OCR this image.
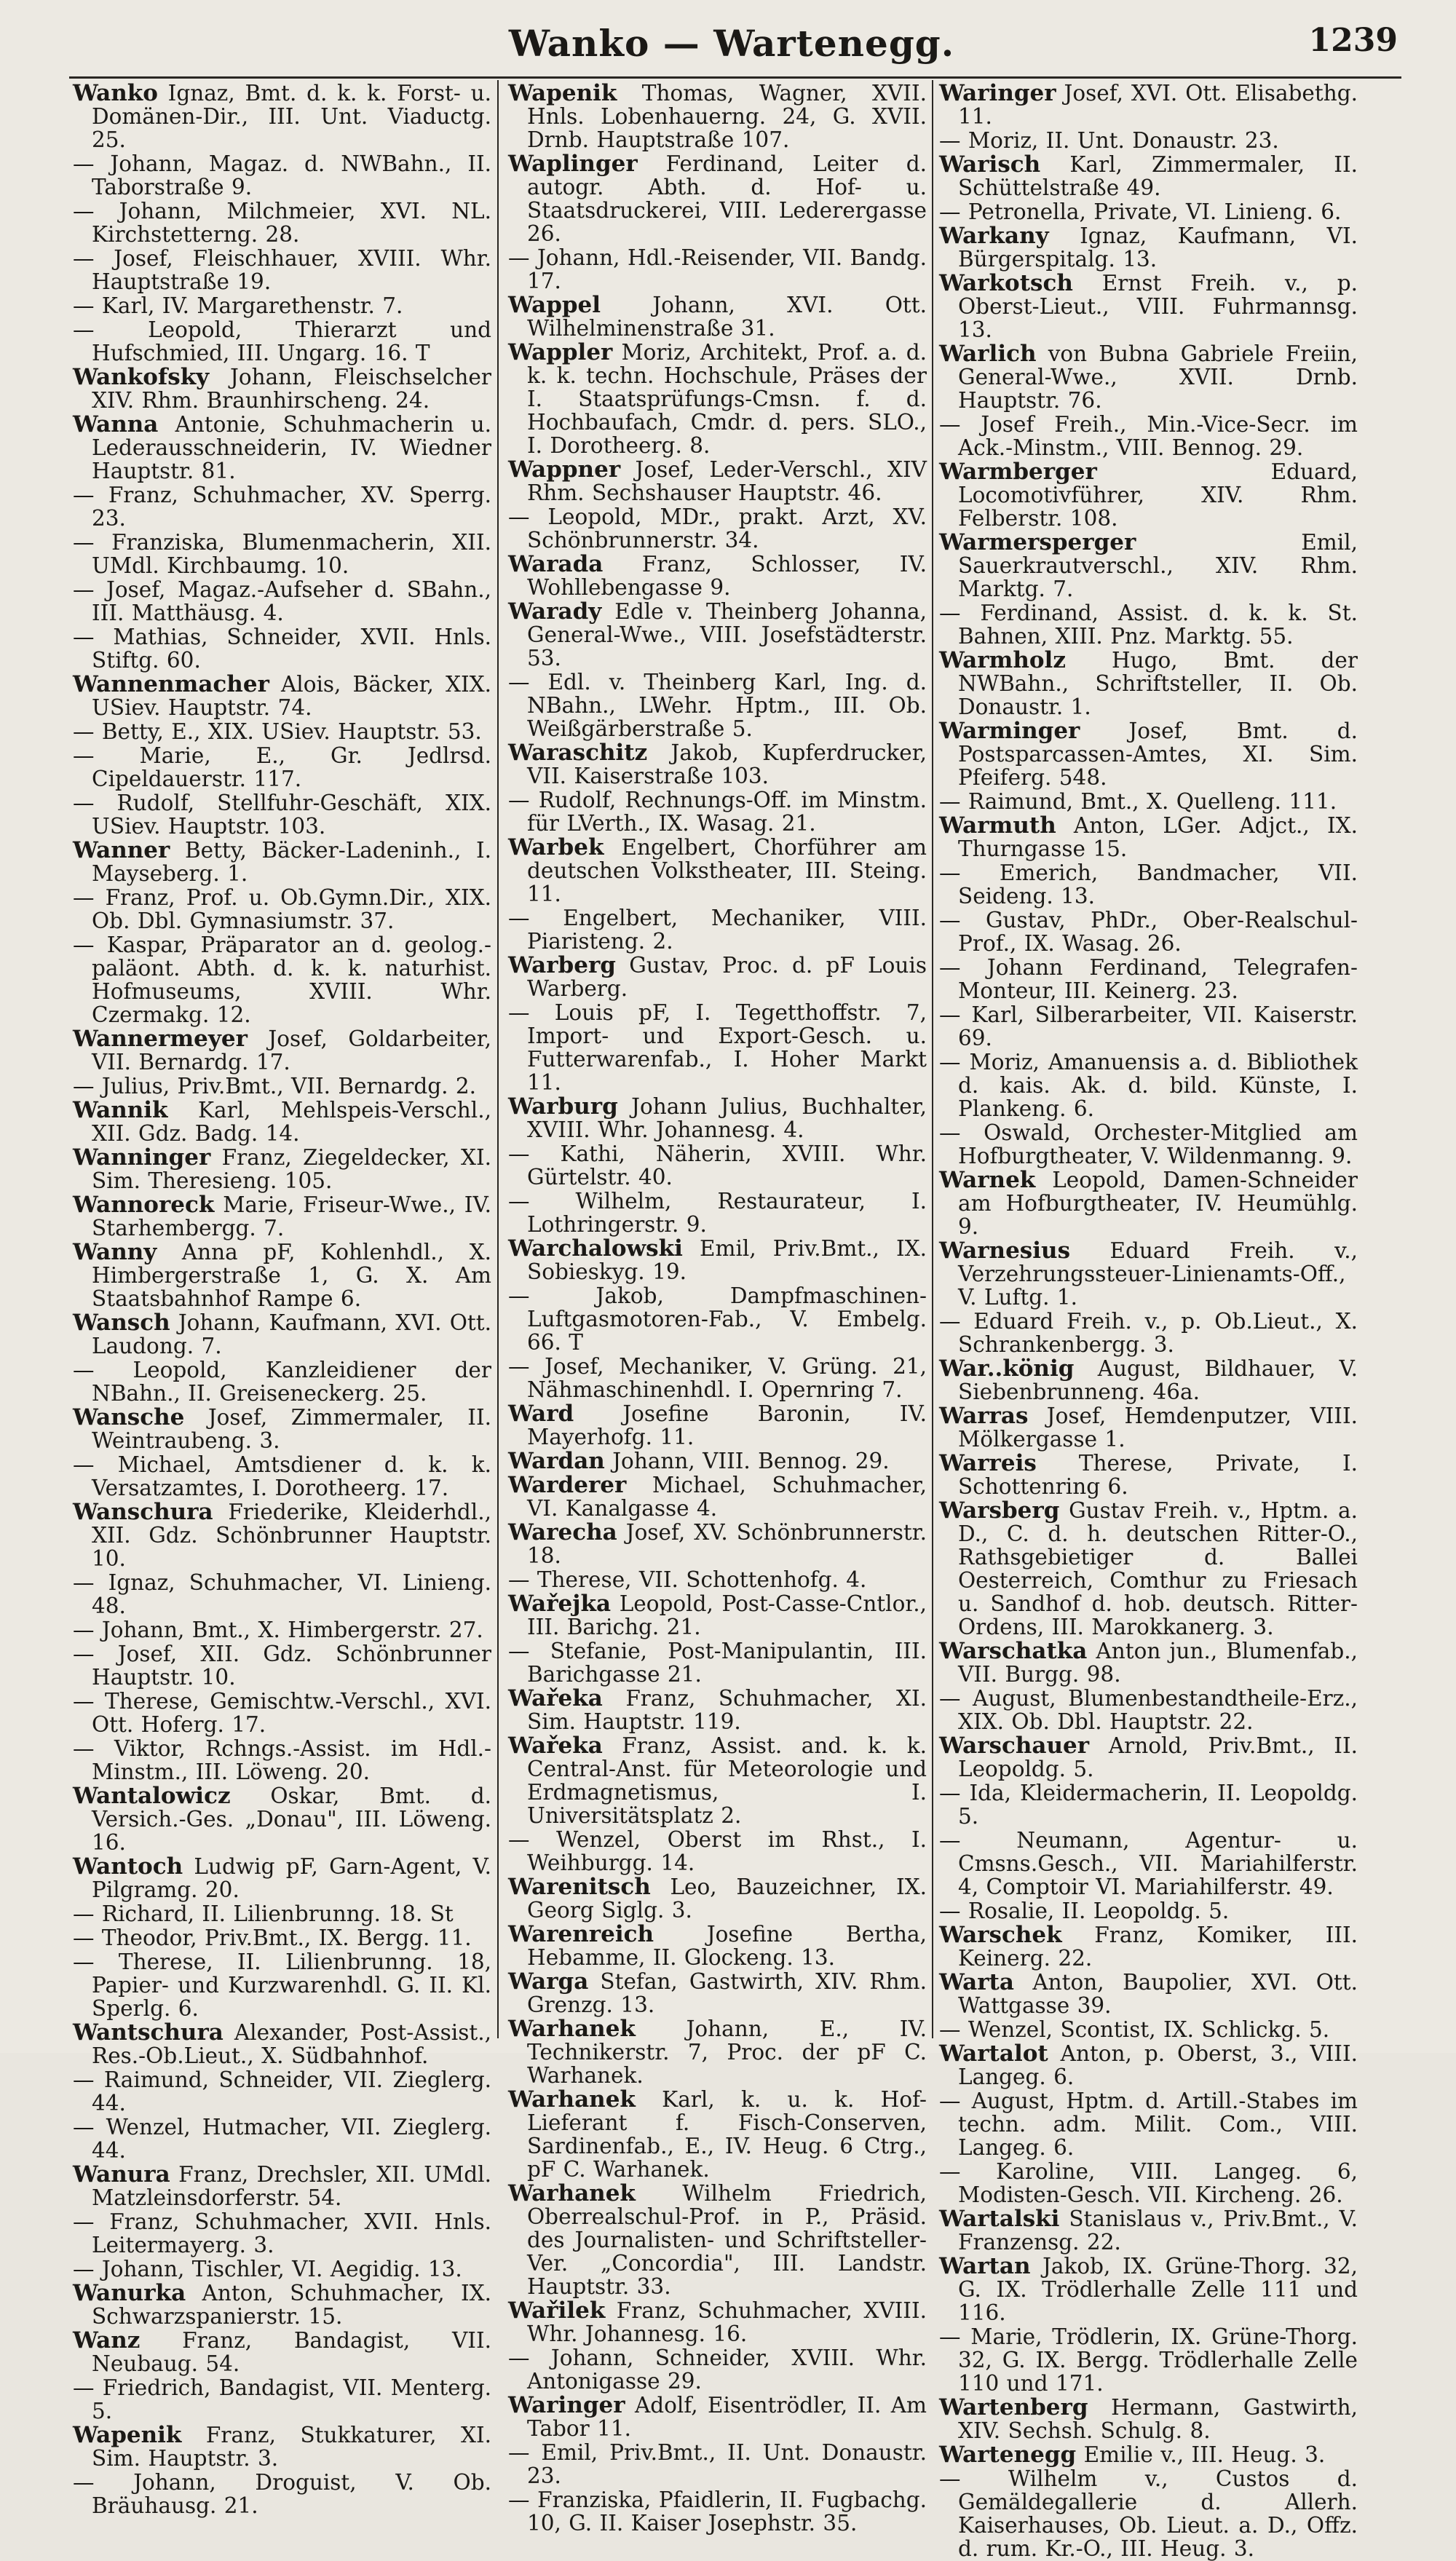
Wanko — Wartenegg.	1239
Wanko Ignaz, Bmt. d. k. k. Forst- u. Domänen-Dir., III. Unt. Viaductg. 25.
— Johann, Magaz. d. NWBahn., II. Taborstraße 9.
— Johann, Milchmeier, XVI. NL. Kirchstetterng. 28.
— Josef, Fleischhauer, XVIII. Whr. Hauptstraße 19.
— Karl, IV. Margarethenstr. 7.
— Leopold, Thierarzt und Hufschmied, III. Ungarg. 16. T
Wankofsky Johann, Fleischselcher XIV. Rhm. Braunhirscheng. 24.
Wanna Antonie, Schuhmacherin u. Lederausschneiderin, IV. Wiedner Hauptstr. 81.
— Franz, Schuhmacher, XV. Sperrg. 23.
— Franziska, Blumenmacherin, XII. UMdl. Kirchbaumg. 10.
— Josef, Magaz.-Aufseher d. SBahn., III. Matthäusg. 4.
— Mathias, Schneider, XVII. Hnls. Stiftg. 60.
Wannenmacher Alois, Bäcker, XIX. USiev. Hauptstr. 74.
— Betty, E., XIX. USiev. Hauptstr. 53.
— Marie, E., Gr. Jedlrsd. Cipeldauerstr. 117.
— Rudolf, Stellfuhr-Geschäft, XIX. USiev. Hauptstr. 103.
Wanner Betty, Bäcker-Ladeninh., I. Mayseberg. 1.
— Franz, Prof. u. Ob.Gymn.Dir., XIX. Ob. Dbl. Gymnasiumstr. 37.
— Kaspar, Präparator an d. geolog.-paläont. Abth. d. k. k. naturhist. Hofmuseums, XVIII. Whr. Czermakg. 12.
Wannermeyer Josef, Goldarbeiter, VII. Bernardg. 17.
— Julius, Priv.Bmt., VII. Bernardg. 2.
Wannik Karl, Mehlspeis-Verschl., XII. Gdz. Badg. 14.
Wanninger Franz, Ziegeldecker, XI. Sim. Theresieng. 105.
Wannoreck Marie, Friseur-Wwe., IV. Starhembergg. 7.
Wanny Anna pF, Kohlenhdl., X. Himbergerstraße 1, G. X. Am Staatsbahnhof Rampe 6.
Wansch Johann, Kaufmann, XVI. Ott. Laudong. 7.
— Leopold, Kanzleidiener der NBahn., II. Greiseneckerg. 25.
Wansche Josef, Zimmermaler, II. Weintraubeng. 3.
— Michael, Amtsdiener d. k. k. Versatzamtes, I. Dorotheerg. 17.
Wanschura Friederike, Kleiderhdl., XII. Gdz. Schönbrunner Hauptstr. 10.
— Ignaz, Schuhmacher, VI. Linieng. 48.
— Johann, Bmt., X. Himbergerstr. 27.
— Josef, XII. Gdz. Schönbrunner Hauptstr. 10.
— Therese, Gemischtw.-Verschl., XVI. Ott. Hoferg. 17.
— Viktor, Rchngs.-Assist. im Hdl.-Minstm., III. Löweng. 20.
Wantalowicz Oskar, Bmt. d. Versich.-Ges. „Donau", III. Löweng. 16.
Wantoch Ludwig pF, Garn-Agent, V. Pilgramg. 20.
— Richard, II. Lilienbrunng. 18. St
— Theodor, Priv.Bmt., IX. Bergg. 11.
— Therese, II. Lilienbrunng. 18, Papier- und Kurzwarenhdl. G. II. Kl. Sperlg. 6.
Wantschura Alexander, Post-Assist., Res.-Ob.Lieut., X. Südbahnhof.
— Raimund, Schneider, VII. Zieglerg. 44.
— Wenzel, Hutmacher, VII. Zieglerg. 44.
Wanura Franz, Drechsler, XII. UMdl. Matzleinsdorferstr. 54.
— Franz, Schuhmacher, XVII. Hnls. Leitermayerg. 3.
— Johann, Tischler, VI. Aegidig. 13.
Wanurka Anton, Schuhmacher, IX. Schwarzspanierstr. 15.
Wanz Franz, Bandagist, VII. Neubaug. 54.
— Friedrich, Bandagist, VII. Menterg. 5.
Wapenik Franz, Stukkaturer, XI. Sim. Hauptstr. 3.
— Johann, Droguist, V. Ob. Bräuhausg. 21.
Wapenik Thomas, Wagner, XVII. Hnls. Lobenhauerng. 24, G. XVII. Drnb. Hauptstraße 107.
Waplinger Ferdinand, Leiter d. autogr. Abth. d. Hof- u. Staatsdruckerei, VIII. Lederergasse 26.
— Johann, Hdl.-Reisender, VII. Bandg. 17.
Wappel Johann, XVI. Ott. Wilhelminenstraße 31.
Wappler Moriz, Architekt, Prof. a. d. k. k. techn. Hochschule, Präses der I. Staatsprüfungs-Cmsn. f. d. Hochbaufach, Cmdr. d. pers. SLO., I. Dorotheerg. 8.
Wappner Josef, Leder-Verschl., XIV Rhm. Sechshauser Hauptstr. 46.
— Leopold, MDr., prakt. Arzt, XV. Schönbrunnerstr. 34.
Warada Franz, Schlosser, IV. Wohllebengasse 9.
Warady Edle v. Theinberg Johanna, General-Wwe., VIII. Josefstädterstr. 53.
— Edl. v. Theinberg Karl, Ing. d. NBahn., LWehr. Hptm., III. Ob. Weißgärberstraße 5.
Waraschitz Jakob, Kupferdrucker, VII. Kaiserstraße 103.
— Rudolf, Rechnungs-Off. im Minstm. für LVerth., IX. Wasag. 21.
Warbek Engelbert, Chorführer am deutschen Volkstheater, III. Steing. 11.
— Engelbert, Mechaniker, VIII. Piaristeng. 2.
Warberg Gustav, Proc. d. pF Louis Warberg.
— Louis pF, I. Tegetthoffstr. 7, Import- und Export-Gesch. u. Futterwarenfab., I. Hoher Markt 11.
Warburg Johann Julius, Buchhalter, XVIII. Whr. Johannesg. 4.
— Kathi, Näherin, XVIII. Whr. Gürtelstr. 40.
— Wilhelm, Restaurateur, I. Lothringerstr. 9.
Warchalowski Emil, Priv.Bmt., IX. Sobieskyg. 19.
— Jakob, Dampfmaschinen-Luftgasmotoren-Fab., V. Embelg. 66. T
— Josef, Mechaniker, V. Grüng. 21, Nähmaschinenhdl. I. Opernring 7.
Ward Josefine Baronin, IV. Mayerhofg. 11.
Wardan Johann, VIII. Bennog. 29.
Warderer Michael, Schuhmacher, VI. Kanalgasse 4.
Warecha Josef, XV. Schönbrunnerstr. 18.
— Therese, VII. Schottenhofg. 4.
Wařejka Leopold, Post-Casse-Cntlor., III. Barichg. 21.
— Stefanie, Post-Manipulantin, III. Barichgasse 21.
Wařeka Franz, Schuhmacher, XI. Sim. Hauptstr. 119.
Wařeka Franz, Assist. and. k. k. Central-Anst. für Meteorologie und Erdmagnetismus, I. Universitätsplatz 2.
— Wenzel, Oberst im Rhst., I. Weihburgg. 14.
Warenitsch Leo, Bauzeichner, IX. Georg Siglg. 3.
Warenreich Josefine Bertha, Hebamme, II. Glockeng. 13.
Warga Stefan, Gastwirth, XIV. Rhm. Grenzg. 13.
Warhanek Johann, E., IV. Technikerstr. 7, Proc. der pF C. Warhanek.
Warhanek Karl, k. u. k. Hof-Lieferant f. Fisch-Conserven, Sardinenfab., E., IV. Heug. 6 Ctrg., pF C. Warhanek.
Warhanek Wilhelm Friedrich, Oberrealschul-Prof. in P., Präsid. des Journalisten- und Schriftsteller-Ver. „Concordia", III. Landstr. Hauptstr. 33.
Wařilek Franz, Schuhmacher, XVIII. Whr. Johannesg. 16.
— Johann, Schneider, XVIII. Whr. Antonigasse 29.
Waringer Adolf, Eisentrödler, II. Am Tabor 11.
— Emil, Priv.Bmt., II. Unt. Donaustr. 23.
— Franziska, Pfaidlerin, II. Fugbachg. 10, G. II. Kaiser Josephstr. 35.
Waringer Josef, XVI. Ott. Elisabethg. 11.
— Moriz, II. Unt. Donaustr. 23.
Warisch Karl, Zimmermaler, II. Schüttelstraße 49.
— Petronella, Private, VI. Linieng. 6.
Warkany Ignaz, Kaufmann, VI. Bürgerspitalg. 13.
Warkotsch Ernst Freih. v., p. Oberst-Lieut., VIII. Fuhrmannsg. 13.
Warlich von Bubna Gabriele Freiin, General-Wwe., XVII. Drnb. Hauptstr. 76.
— Josef Freih., Min.-Vice-Secr. im Ack.-Minstm., VIII. Bennog. 29.
Warmberger	Eduard, Locomotivführer, XIV. Rhm. Felberstr. 108.
Warmersperger	Emil, Sauerkrautverschl., XIV. Rhm. Marktg. 7.
— Ferdinand, Assist. d. k. k. St. Bahnen, XIII. Pnz. Marktg. 55.
Warmholz Hugo, Bmt. der NWBahn., Schriftsteller, II. Ob. Donaustr. 1.
Warminger Josef, Bmt. d. Postsparcassen-Amtes, XI. Sim. Pfeiferg. 548.
— Raimund, Bmt., X. Quelleng. 111.
Warmuth Anton, LGer. Adjct., IX. Thurngasse 15.
— Emerich, Bandmacher, VII. Seideng. 13.
— Gustav, PhDr., Ober-Realschul-Prof., IX. Wasag. 26.
— Johann Ferdinand, Telegrafen-Monteur, III. Keinerg. 23.
— Karl, Silberarbeiter, VII. Kaiserstr. 69.
— Moriz, Amanuensis a. d. Bibliothek d. kais. Ak. d. bild. Künste, I. Plankeng. 6.
— Oswald, Orchester-Mitglied am Hofburgtheater, V. Wildenmanng. 9.
Warnek Leopold, Damen-Schneider am Hofburgtheater, IV. Heumühlg. 9.
Warnesius Eduard Freih. v., Verzehrungssteuer-Linienamts-Off., V. Luftg. 1.
— Eduard Freih. v., p. Ob.Lieut., X. Schrankenbergg. 3.
War..könig August, Bildhauer, V. Siebenbrunneng. 46a.
Warras Josef, Hemdenputzer, VIII. Mölkergasse 1.
Warreis Therese, Private, I. Schottenring 6.
Warsberg Gustav Freih. v., Hptm. a. D., C. d. h. deutschen Ritter-O., Rathsgebietiger d. Ballei Oesterreich, Comthur zu Friesach u. Sandhof d. hob. deutsch. Ritter-Ordens, III. Marokkanerg. 3.
Warschatka Anton jun., Blumenfab., VII. Burgg. 98.
— August, Blumenbestandtheile-Erz., XIX. Ob. Dbl. Hauptstr. 22.
Warschauer Arnold, Priv.Bmt., II. Leopoldg. 5.
— Ida, Kleidermacherin, II. Leopoldg. 5.
— Neumann, Agentur- u. Cmsns.Gesch., VII. Mariahilferstr. 4, Comptoir VI. Mariahilferstr. 49.
— Rosalie, II. Leopoldg. 5.
Warschek Franz, Komiker, III. Keinerg. 22.
Warta Anton, Baupolier, XVI. Ott. Wattgasse 39.
— Wenzel, Scontist, IX. Schlickg. 5.
Wartalot Anton, p. Oberst, 3., VIII. Langeg. 6.
— August, Hptm. d. Artill.-Stabes im techn. adm. Milit. Com., VIII. Langeg. 6.
— Karoline, VIII. Langeg. 6, Modisten-Gesch. VII. Kircheng. 26.
Wartalski Stanislaus v., Priv.Bmt., V. Franzensg. 22.
Wartan Jakob, IX. Grüne-Thorg. 32, G. IX. Trödlerhalle Zelle 111 und 116.
— Marie, Trödlerin, IX. Grüne-Thorg. 32, G. IX. Bergg. Trödlerhalle Zelle 110 und 171.
Wartenberg Hermann, Gastwirth, XIV. Sechsh. Schulg. 8.
Wartenegg Emilie v., III. Heug. 3.
— Wilhelm v., Custos d. Gemäldegallerie d. Allerh. Kaiserhauses, Ob. Lieut. a. D., Offz. d. rum. Kr.-O., III. Heug. 3.
